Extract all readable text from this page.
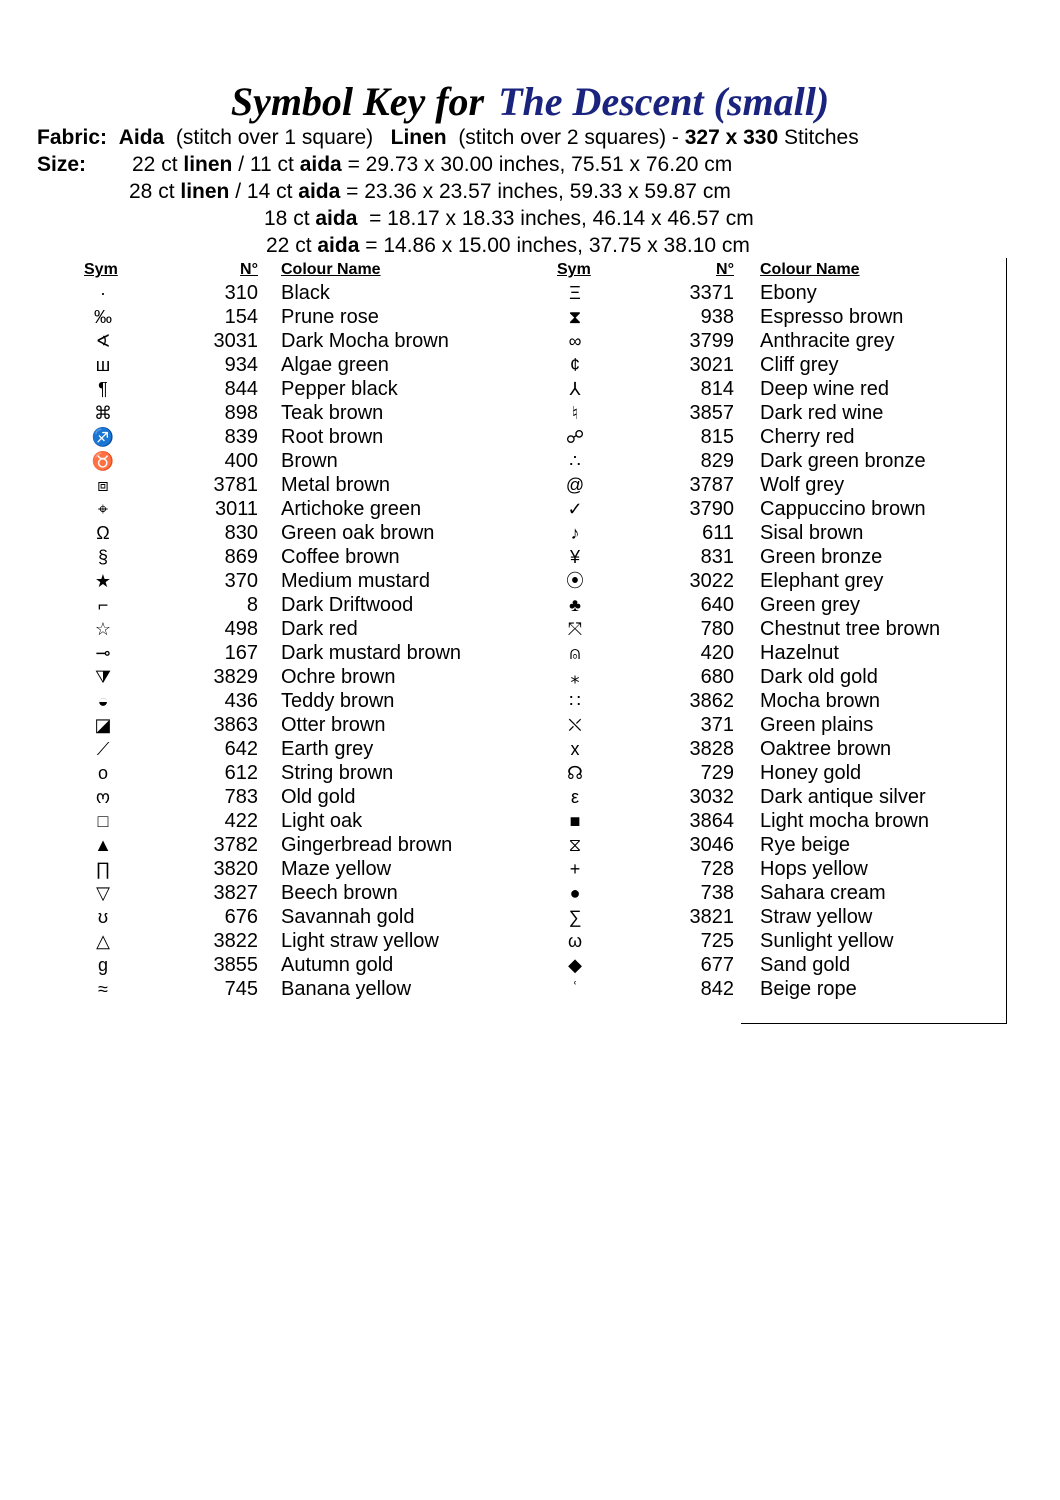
Symbol Key for The Descent (small)
Fabric: Aida (stitch over 1 square) Linen (stitch over 2 squares) - 327 x 330 Stitches
Size: 22 ct linen / 11 ct aida = 29.73 x 30.00 inches, 75.51 x 76.20 cm
28 ct linen / 14 ct aida = 23.36 x 23.57 inches, 59.33 x 59.87 cm
18 ct aida  = 18.17 x 18.33 inches, 46.14 x 46.57 cm
22 ct aida = 14.86 x 15.00 inches, 37.75 x 38.10 cm
Sym	N° Colour Name	Sym	N° Colour Name
·	310 Black
‰	154 Prune rose
∢	3031 Dark Mocha brown
ш	934 Algae green
¶	844 Pepper black
⌘	898 Teak brown
♐	839 Root brown
♉	400 Brown
⧈	3781 Metal brown
⌖	3011 Artichoke green
Ω	830 Green oak brown
§	869 Coffee brown
★	370 Medium mustard
⌐	8 Dark Driftwood
☆	498 Dark red
⊸	167 Dark mustard brown
⧩	3829 Ochre brown
◒	436 Teddy brown
◪	3863 Otter brown
⟋	642 Earth grey
o	612 String brown
ო	783 Old gold
□	422 Light oak
▲	3782 Gingerbread brown
∏	3820 Maze yellow
▽	3827 Beech brown
ʊ	676 Savannah gold
△	3822 Light straw yellow
g	3855 Autumn gold
≈	745 Banana yellow
Ξ	3371 Ebony
⧗	938 Espresso brown
∞	3799 Anthracite grey
¢	3021 Cliff grey
⅄	814 Deep wine red
♮	3857 Dark red wine
☍	815 Cherry red
∴	829 Dark green bronze
@	3787 Wolf grey
✓	3790 Cappuccino brown
♪	611 Sisal brown
¥	831 Green bronze
⦿	3022 Elephant grey
♣	640 Green grey
⤧	780 Chestnut tree brown
⍝	420 Hazelnut
⁎	680 Dark old gold
∷	3862 Mocha brown
⛌	371 Green plains
x	3828 Oaktree brown
☊	729 Honey gold
ε	3032 Dark antique silver
■	3864 Light mocha brown
⧖	3046 Rye beige
+	728 Hops yellow
●	738 Sahara cream
∑	3821 Straw yellow
ω	725 Sunlight yellow
◆	677 Sand gold
ʿ	842 Beige rope
